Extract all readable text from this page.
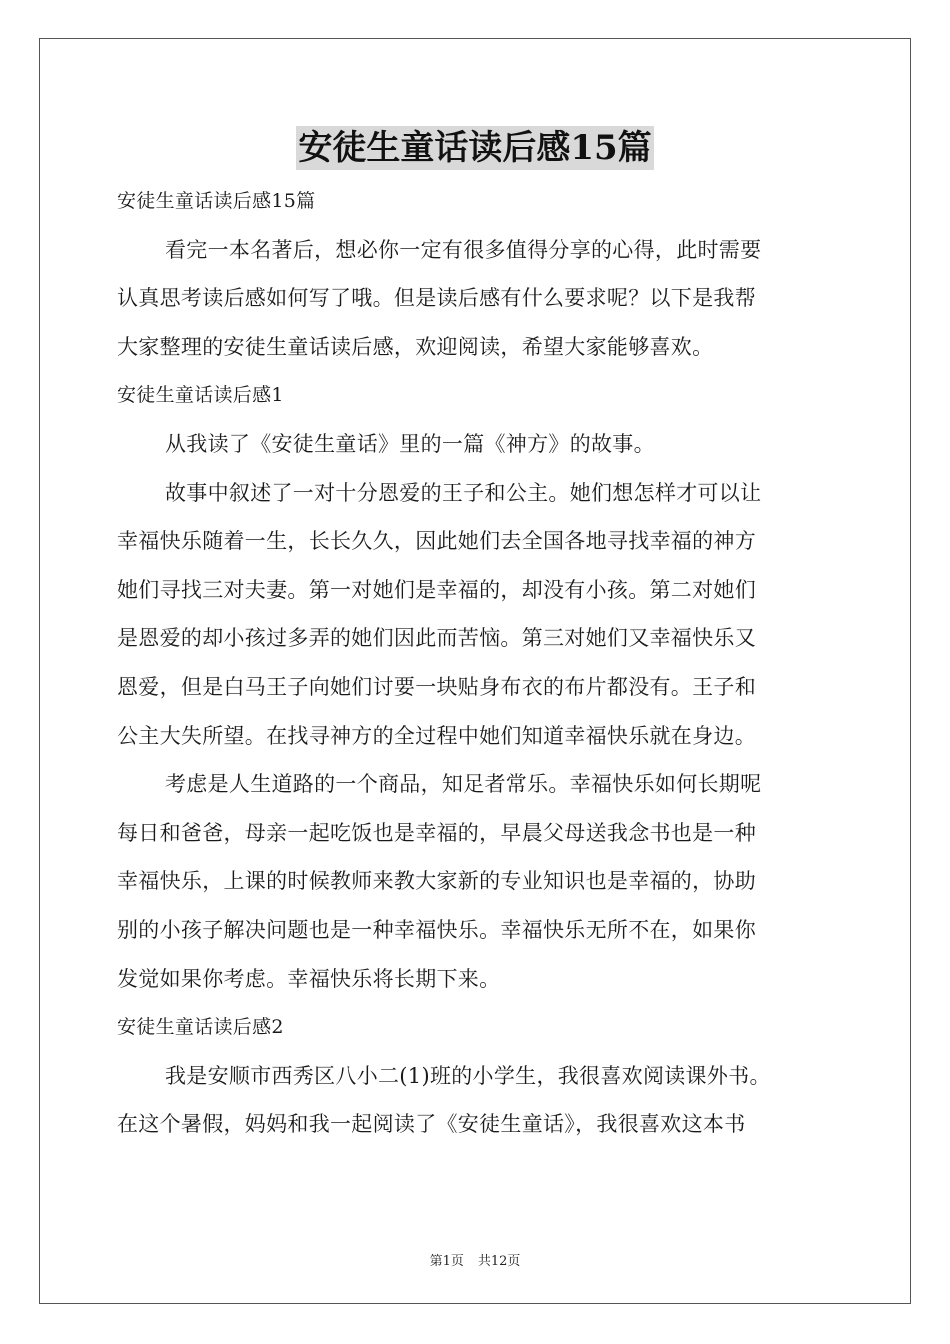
安徒生童话读后感15篇
安徒生童话读后感15篇
看完一本名著后，想必你一定有很多值得分享的心得，此时需要
认真思考读后感如何写了哦。但是读后感有什么要求呢？以下是我帮
大家整理的安徒生童话读后感，欢迎阅读，希望大家能够喜欢。
安徒生童话读后感1
从我读了《安徒生童话》里的一篇《神方》的故事。
故事中叙述了一对十分恩爱的王子和公主。她们想怎样才可以让
幸福快乐随着一生，长长久久，因此她们去全国各地寻找幸福的神方
她们寻找三对夫妻。第一对她们是幸福的，却没有小孩。第二对她们
是恩爱的却小孩过多弄的她们因此而苦恼。第三对她们又幸福快乐又
恩爱，但是白马王子向她们讨要一块贴身布衣的布片都没有。王子和
公主大失所望。在找寻神方的全过程中她们知道幸福快乐就在身边。
考虑是人生道路的一个商品，知足者常乐。幸福快乐如何长期呢
每日和爸爸，母亲一起吃饭也是幸福的，早晨父母送我念书也是一种
幸福快乐，上课的时候教师来教大家新的专业知识也是幸福的，协助
别的小孩子解决问题也是一种幸福快乐。幸福快乐无所不在，如果你
发觉如果你考虑。幸福快乐将长期下来。
安徒生童话读后感2
我是安顺市西秀区八小二(1)班的小学生，我很喜欢阅读课外书。
在这个暑假，妈妈和我一起阅读了《安徒生童话》，我很喜欢这本书
第1页 共12页
